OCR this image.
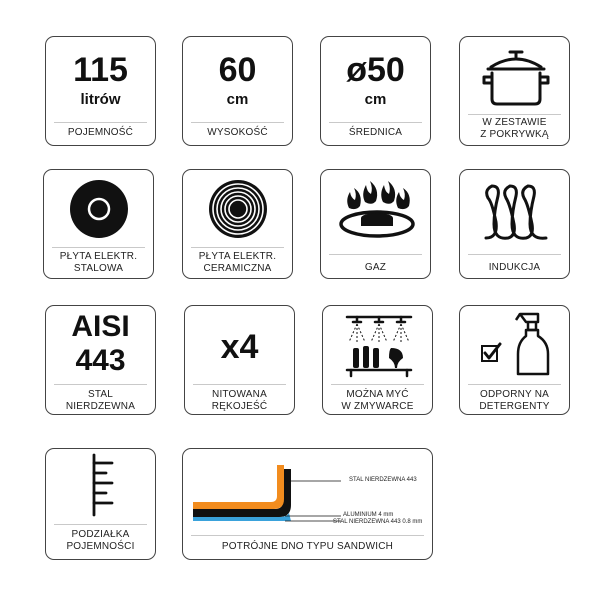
115
litrów
POJEMNOŚĆ
60
cm
WYSOKOŚĆ
ø50
cm
ŚREDNICA
W ZESTAWIE
Z POKRYWKĄ
PŁYTA ELEKTR.
STALOWA
PŁYTA ELEKTR.
CERAMICZNA	GAZ	INDUKCJA
AISI
443
STAL
NIERDZEWNA
x4
NITOWANA
RĘKOJEŚĆ
MOŻNA MYĆ
W ZMYWARCE
ODPORNY NA
DETERGENTY
PODZIAŁKA
POJEMNOŚCI
STAL NIERDZEWNA 443
ALUMINIUM 4 mm
STAL NIERDZEWNA 443 0.8 mm
POTRÓJNE DNO TYPU SANDWICH
